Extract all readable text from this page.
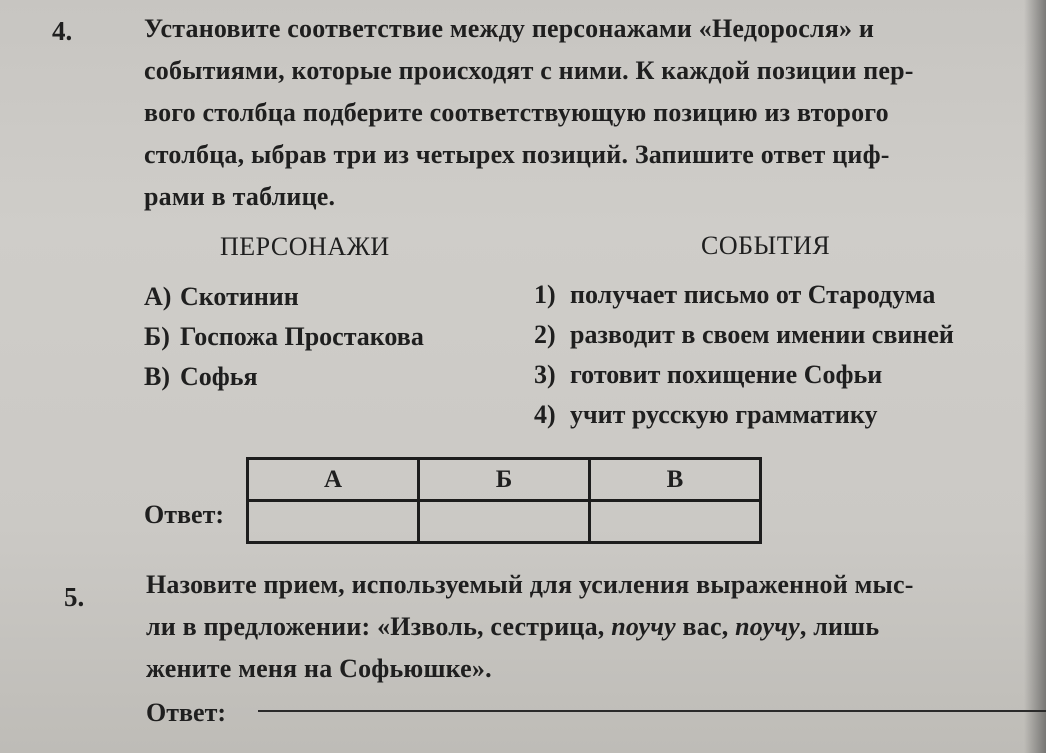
4.	Установите соответствие между персонажами «Недоросля» и
событиями, которые происходят с ними. К каждой позиции пер-
вого столбца подберите соответствующую позицию из второго
столбца, ыбрав три из четырех позиций. Запишите ответ циф-
рами в таблице.
ПЕРСОНАЖИ	СОБЫТИЯ
А) Скотинин
Б) Госпожа Простакова
В) Софья
1) получает письмо от Стародума
2) разводит в своем имении свиней
3) готовит похищение Софьи
4) учит русскую грамматику
Ответ:
А	Б	В

5. Назовите прием, используемый для усиления выраженной мыс-
ли в предложении: «Изволь, сестрица, поучу вас, поучу, лишь
жените меня на Софьюшке».
Ответ:
